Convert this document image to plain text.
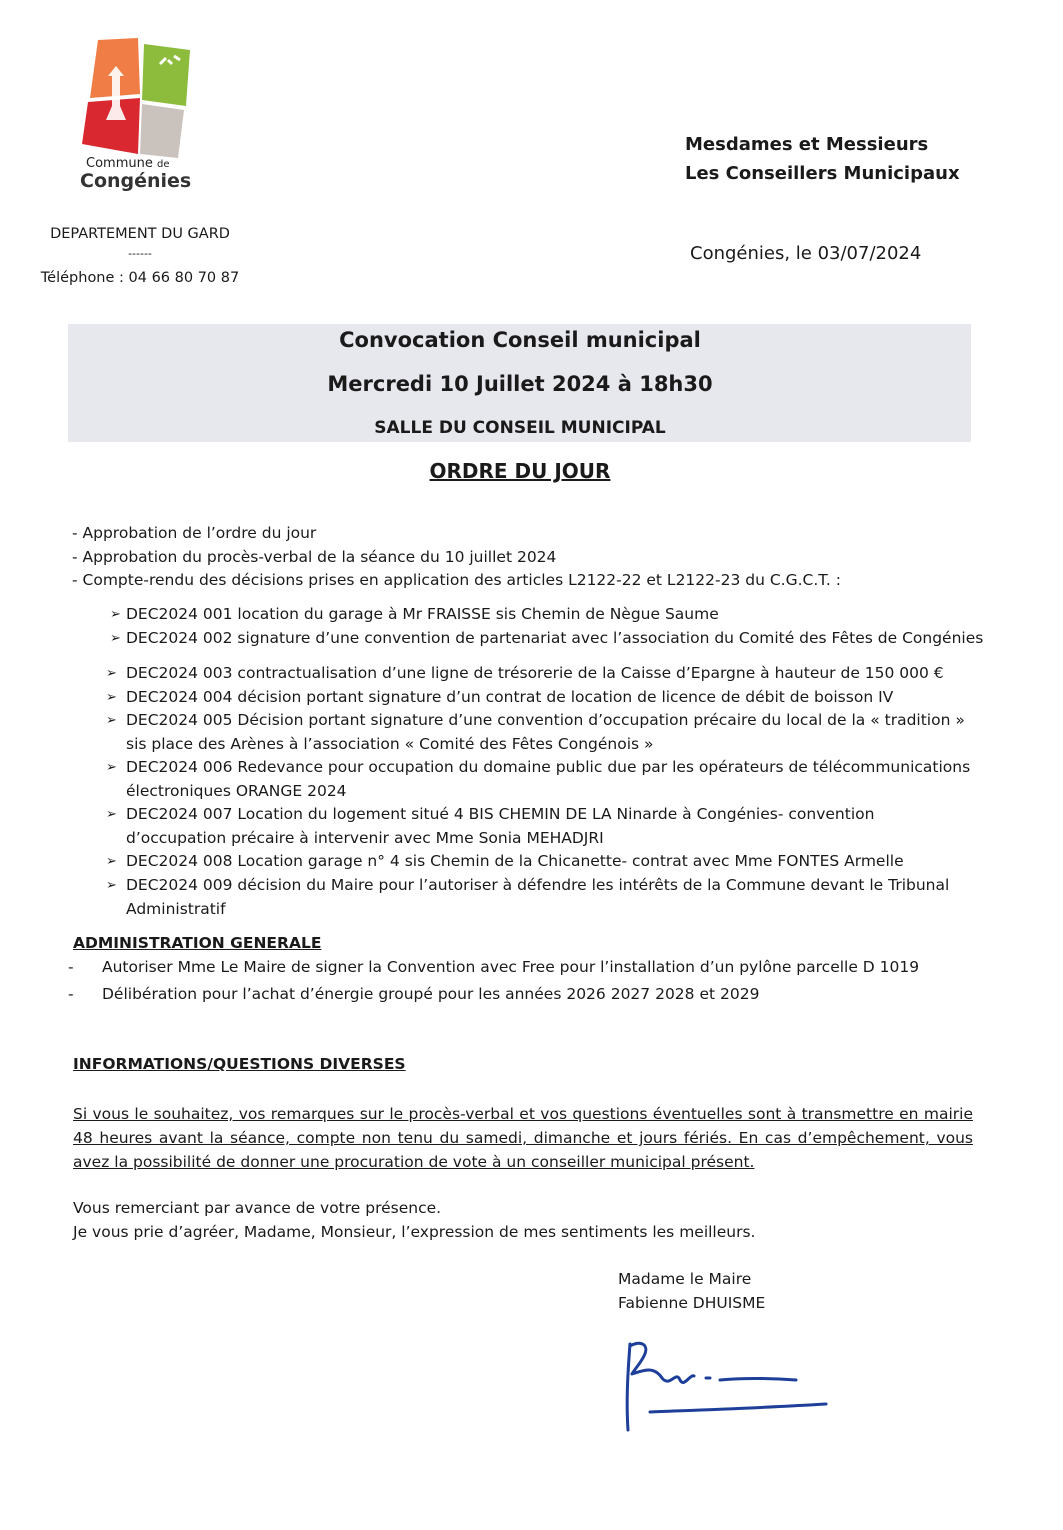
Commune de
Congénies
DEPARTEMENT DU GARD
------
Téléphone : 04 66 80 70 87
Mesdames et Messieurs
Les Conseillers Municipaux
Congénies, le 03/07/2024
Convocation Conseil municipal
Mercredi 10 Juillet 2024 à 18h30
SALLE DU CONSEIL MUNICIPAL
ORDRE DU JOUR
- Approbation de l’ordre du jour
- Approbation du procès-verbal de la séance du 10 juillet 2024
- Compte-rendu des décisions prises en application des articles L2122-22 et L2122-23 du C.G.C.T. :
➢ DEC2024 001 location du garage à Mr FRAISSE sis Chemin de Nègue Saume
➢ DEC2024 002 signature d’une convention de partenariat avec l’association du Comité des Fêtes de Congénies
➢ DEC2024 003 contractualisation d’une ligne de trésorerie de la Caisse d’Epargne à hauteur de 150 000 €
➢ DEC2024 004 décision portant signature d’un contrat de location de licence de débit de boisson IV
➢ DEC2024 005 Décision portant signature d’une convention d’occupation précaire du local de la « tradition » sis place des Arènes à l’association « Comité des Fêtes Congénois »
➢ DEC2024 006 Redevance pour occupation du domaine public due par les opérateurs de télécommunications électroniques ORANGE 2024
➢ DEC2024 007 Location du logement situé 4 BIS CHEMIN DE LA Ninarde à Congénies- convention d’occupation précaire à intervenir avec Mme Sonia MEHADJRI
➢ DEC2024 008 Location garage n° 4 sis Chemin de la Chicanette- contrat avec Mme FONTES Armelle
➢ DEC2024 009 décision du Maire pour l’autoriser à défendre les intérêts de la Commune devant le Tribunal Administratif
ADMINISTRATION GENERALE
- Autoriser Mme Le Maire de signer la Convention avec Free pour l’installation d’un pylône parcelle D 1019
- Délibération pour l’achat d’énergie groupé pour les années 2026 2027 2028 et 2029
INFORMATIONS/QUESTIONS DIVERSES
Si vous le souhaitez, vos remarques sur le procès-verbal et vos questions éventuelles sont à transmettre en mairie 48 heures avant la séance, compte non tenu du samedi, dimanche et jours fériés. En cas d’empêchement, vous avez la possibilité de donner une procuration de vote à un conseiller municipal présent.
Vous remerciant par avance de votre présence.
Je vous prie d’agréer, Madame, Monsieur, l’expression de mes sentiments les meilleurs.
Madame le Maire
Fabienne DHUISME
